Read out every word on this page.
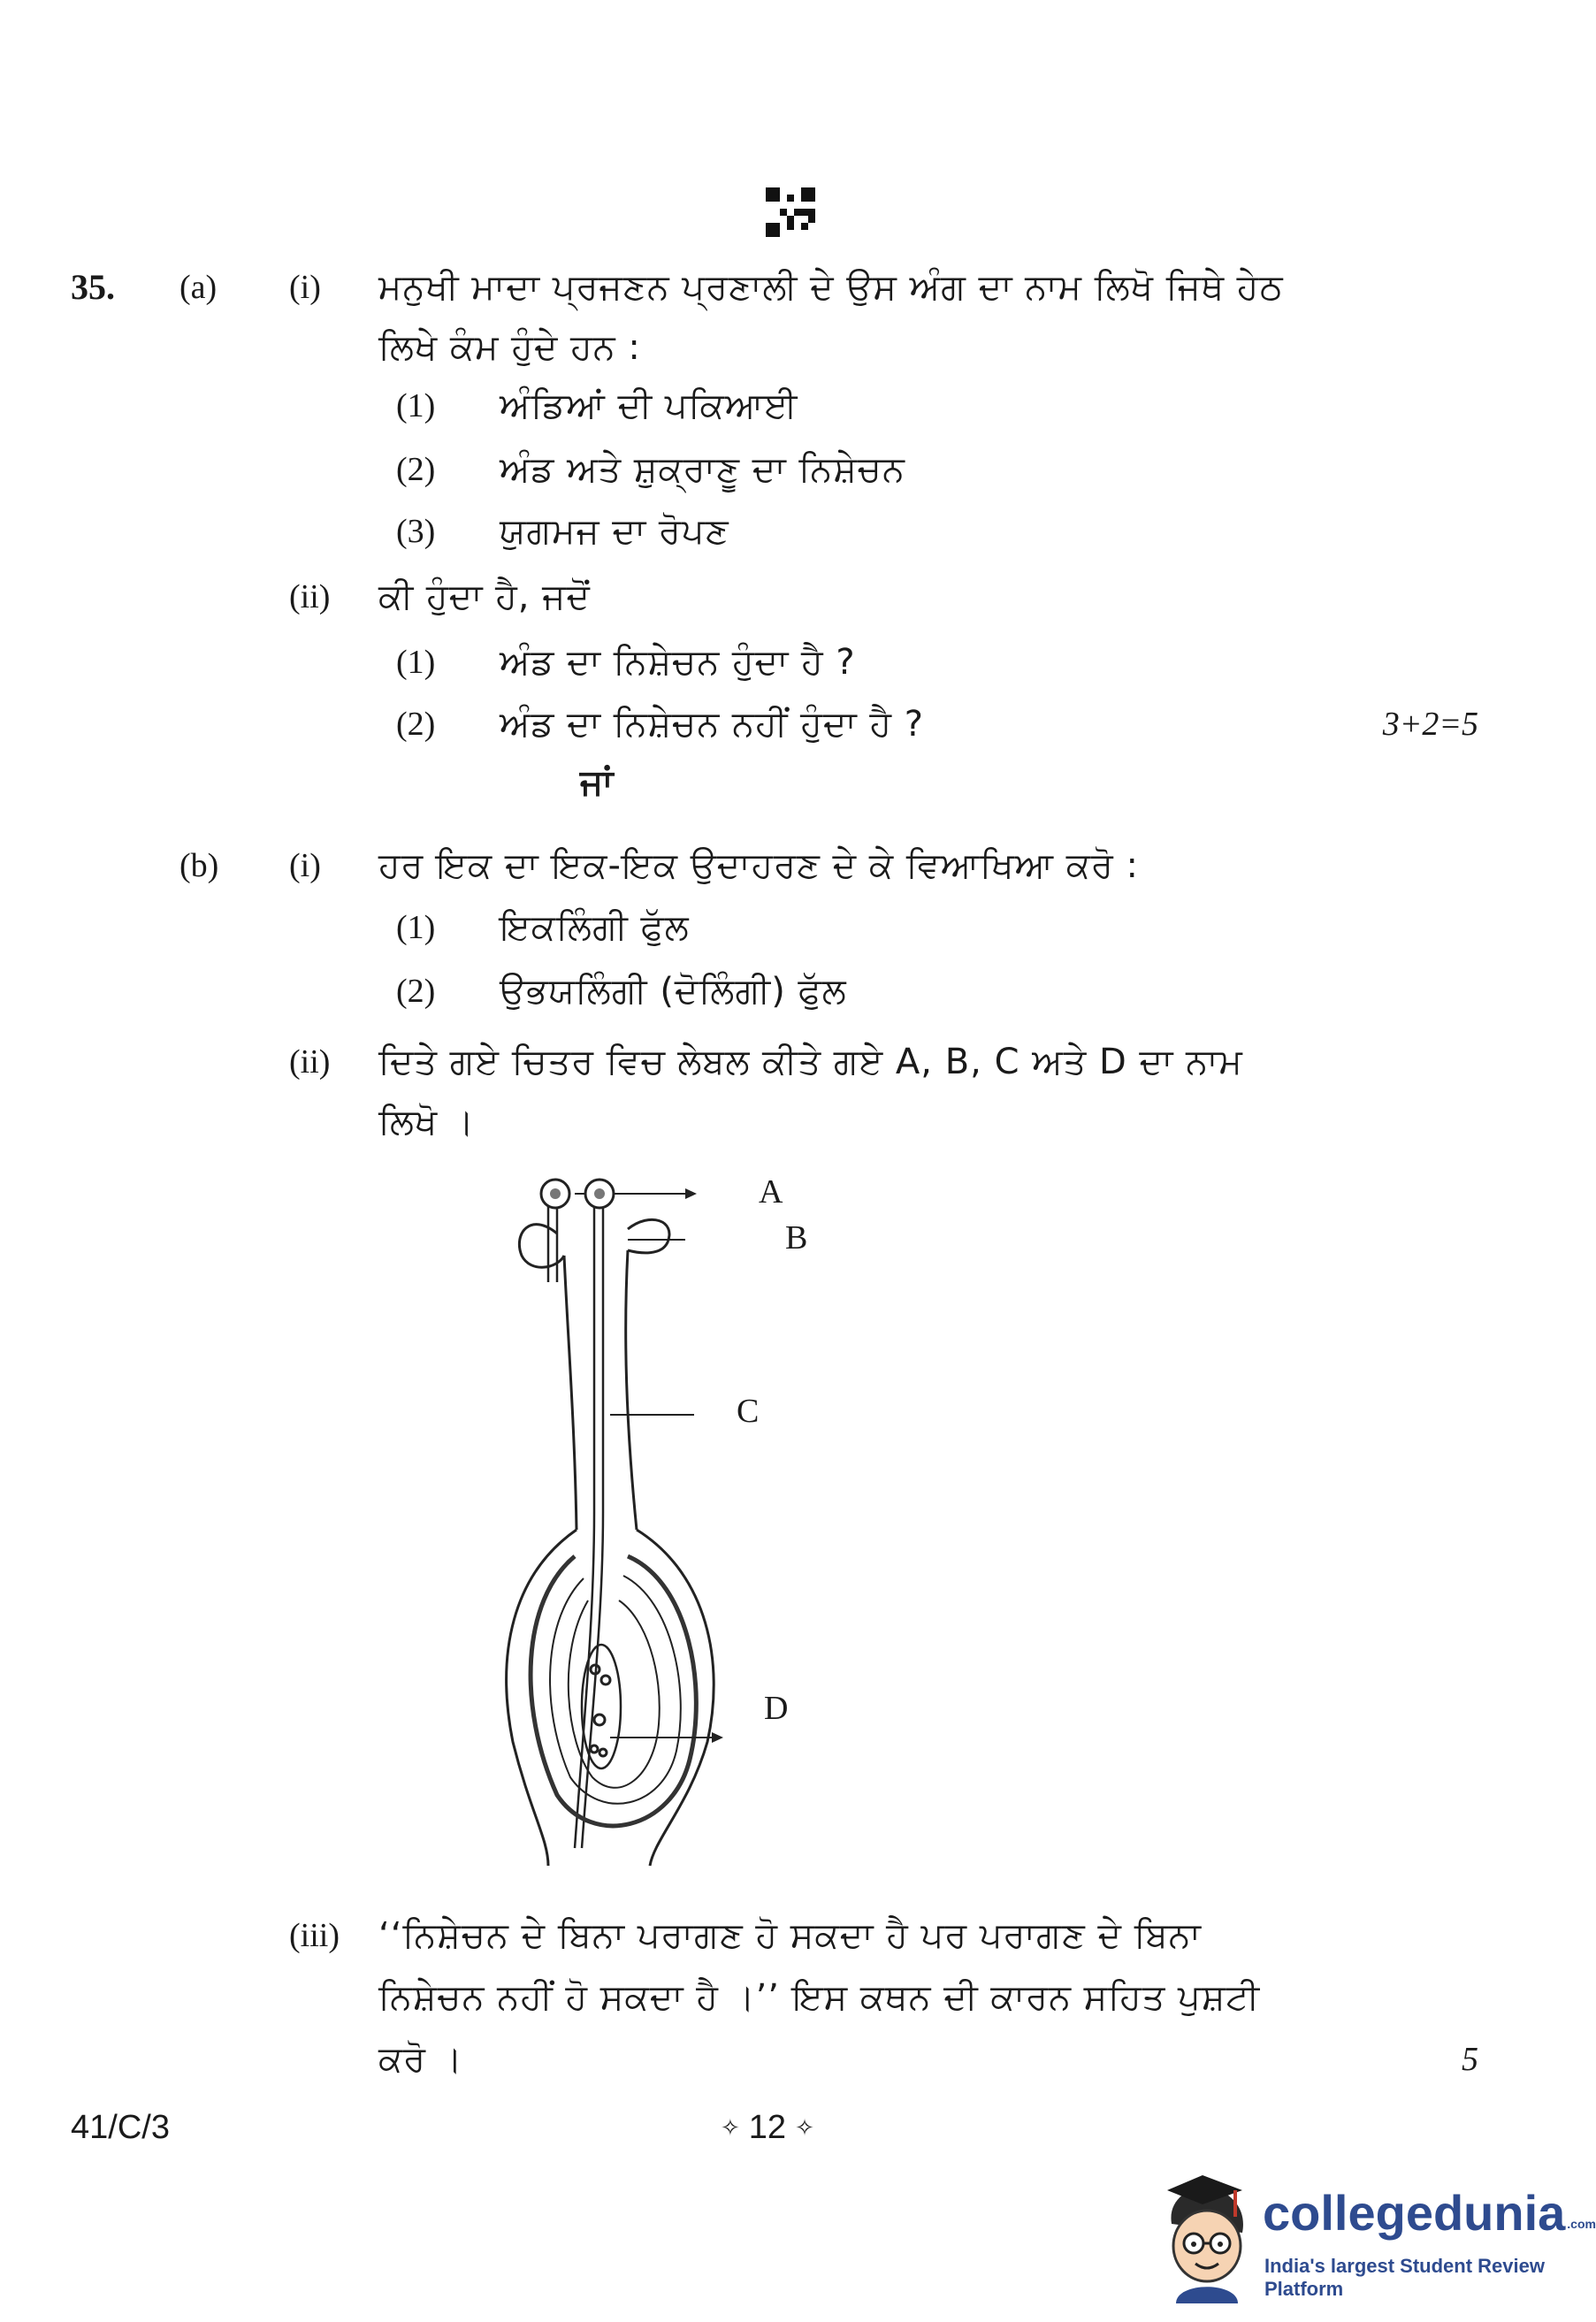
35. (a) (i) ਮਨੁਖੀ ਮਾਦਾ ਪ੍ਰਜਣਨ ਪ੍ਰਣਾਲੀ ਦੇ ਉਸ ਅੰਗ ਦਾ ਨਾਮ ਲਿਖੋ ਜਿਥੇ ਹੇਠ
ਲਿਖੇ ਕੰਮ ਹੁੰਦੇ ਹਨ :
(1) ਅੰਡਿਆਂ ਦੀ ਪਕਿਆਈ
(2) ਅੰਡ ਅਤੇ ਸ਼ੁਕ੍ਰਾਣੂ ਦਾ ਨਿਸ਼ੇਚਨ
(3) ਯੁਗਮਜ ਦਾ ਰੋਪਣ
(ii) ਕੀ ਹੁੰਦਾ ਹੈ, ਜਦੋਂ
(1) ਅੰਡ ਦਾ ਨਿਸ਼ੇਚਨ ਹੁੰਦਾ ਹੈ ?
(2) ਅੰਡ ਦਾ ਨਿਸ਼ੇਚਨ ਨਹੀਂ ਹੁੰਦਾ ਹੈ ?	3+2=5
ਜਾਂ
(b) (i) ਹਰ ਇਕ ਦਾ ਇਕ-ਇਕ ਉਦਾਹਰਣ ਦੇ ਕੇ ਵਿਆਖਿਆ ਕਰੋ :
(1) ਇਕਲਿੰਗੀ ਫੁੱਲ
(2) ਉਭਯਲਿੰਗੀ (ਦੋਲਿੰਗੀ) ਫੁੱਲ
(ii) ਦਿਤੇ ਗਏ ਚਿਤਰ ਵਿਚ ਲੇਬਲ ਕੀਤੇ ਗਏ A, B, C ਅਤੇ D ਦਾ ਨਾਮ
ਲਿਖੋ ।
A
B
C
D
(iii) ‘‘ਨਿਸ਼ੇਚਨ ਦੇ ਬਿਨਾ ਪਰਾਗਣ ਹੋ ਸਕਦਾ ਹੈ ਪਰ ਪਰਾਗਣ ਦੇ ਬਿਨਾ
ਨਿਸ਼ੇਚਨ ਨਹੀਂ ਹੋ ਸਕਦਾ ਹੈ ।’’ ਇਸ ਕਥਨ ਦੀ ਕਾਰਨ ਸਹਿਤ ਪੁਸ਼ਟੀ
ਕਰੋ ।	5
41/C/3	✧ 12 ✧
collegedunia .com
India's largest Student Review Platform
